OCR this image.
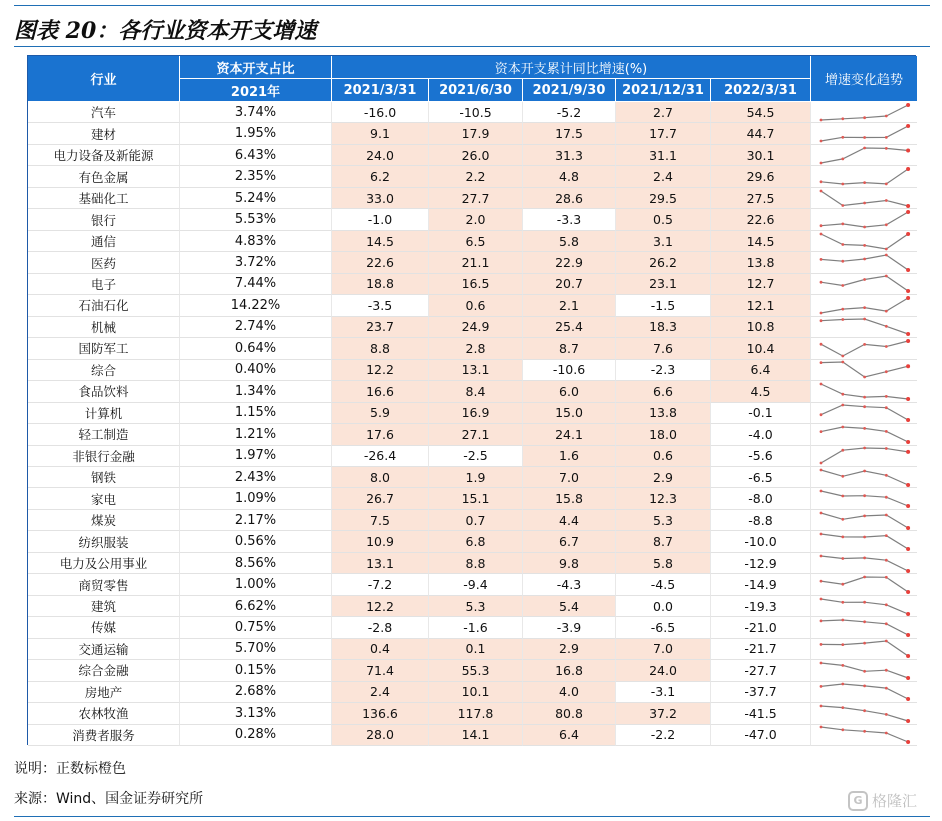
图表 20：各行业资本开支增速
行业
资本开支占比
2021年
资本开支累计同比增速(%)
2021/3/31	2021/6/30	2021/9/30	2021/12/31	2022/3/31
增速变化趋势
汽车	3.74%	-16.0	-10.5	-5.2	2.7	54.5
建材	1.95%	9.1	17.9	17.5	17.7	44.7
电力设备及新能源	6.43%	24.0	26.0	31.3	31.1	30.1
有色金属	2.35%	6.2	2.2	4.8	2.4	29.6
基础化工	5.24%	33.0	27.7	28.6	29.5	27.5
银行	5.53%	-1.0	2.0	-3.3	0.5	22.6
通信	4.83%	14.5	6.5	5.8	3.1	14.5
医药	3.72%	22.6	21.1	22.9	26.2	13.8
电子	7.44%	18.8	16.5	20.7	23.1	12.7
石油石化	14.22%	-3.5	0.6	2.1	-1.5	12.1
机械	2.74%	23.7	24.9	25.4	18.3	10.8
国防军工	0.64%	8.8	2.8	8.7	7.6	10.4
综合	0.40%	12.2	13.1	-10.6	-2.3	6.4
食品饮料	1.34%	16.6	8.4	6.0	6.6	4.5
计算机	1.15%	5.9	16.9	15.0	13.8	-0.1
轻工制造	1.21%	17.6	27.1	24.1	18.0	-4.0
非银行金融	1.97%	-26.4	-2.5	1.6	0.6	-5.6
钢铁	2.43%	8.0	1.9	7.0	2.9	-6.5
家电	1.09%	26.7	15.1	15.8	12.3	-8.0
煤炭	2.17%	7.5	0.7	4.4	5.3	-8.8
纺织服装	0.56%	10.9	6.8	6.7	8.7	-10.0
电力及公用事业	8.56%	13.1	8.8	9.8	5.8	-12.9
商贸零售	1.00%	-7.2	-9.4	-4.3	-4.5	-14.9
建筑	6.62%	12.2	5.3	5.4	0.0	-19.3
传媒	0.75%	-2.8	-1.6	-3.9	-6.5	-21.0
交通运输	5.70%	0.4	0.1	2.9	7.0	-21.7
综合金融	0.15%	71.4	55.3	16.8	24.0	-27.7
房地产	2.68%	2.4	10.1	4.0	-3.1	-37.7
农林牧渔	3.13%	136.6	117.8	80.8	37.2	-41.5
消费者服务	0.28%	28.0	14.1	6.4	-2.2	-47.0
说明：正数标橙色
来源：Wind、国金证券研究所	G 格隆汇
